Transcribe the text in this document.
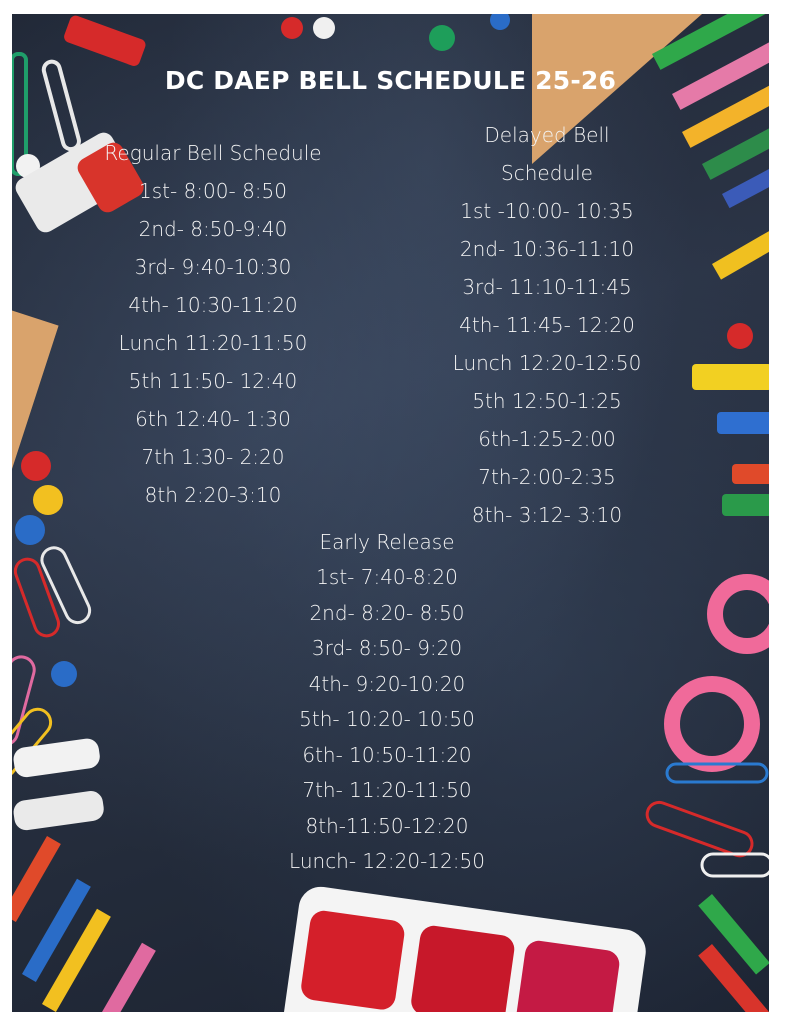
DC DAEP BELL SCHEDULE 25-26
Regular Bell Schedule
1st- 8:00- 8:50
2nd- 8:50-9:40
3rd- 9:40-10:30
4th- 10:30-11:20
Lunch 11:20-11:50
5th 11:50- 12:40
6th 12:40- 1:30
7th 1:30- 2:20
8th 2:20-3:10
Delayed Bell
Schedule
1st -10:00- 10:35
2nd- 10:36-11:10
3rd- 11:10-11:45
4th- 11:45- 12:20
Lunch 12:20-12:50
5th 12:50-1:25
6th-1:25-2:00
7th-2:00-2:35
8th- 3:12- 3:10
Early Release
1st- 7:40-8:20
2nd- 8:20- 8:50
3rd- 8:50- 9:20
4th- 9:20-10:20
5th- 10:20- 10:50
6th- 10:50-11:20
7th- 11:20-11:50
8th-11:50-12:20
Lunch- 12:20-12:50
